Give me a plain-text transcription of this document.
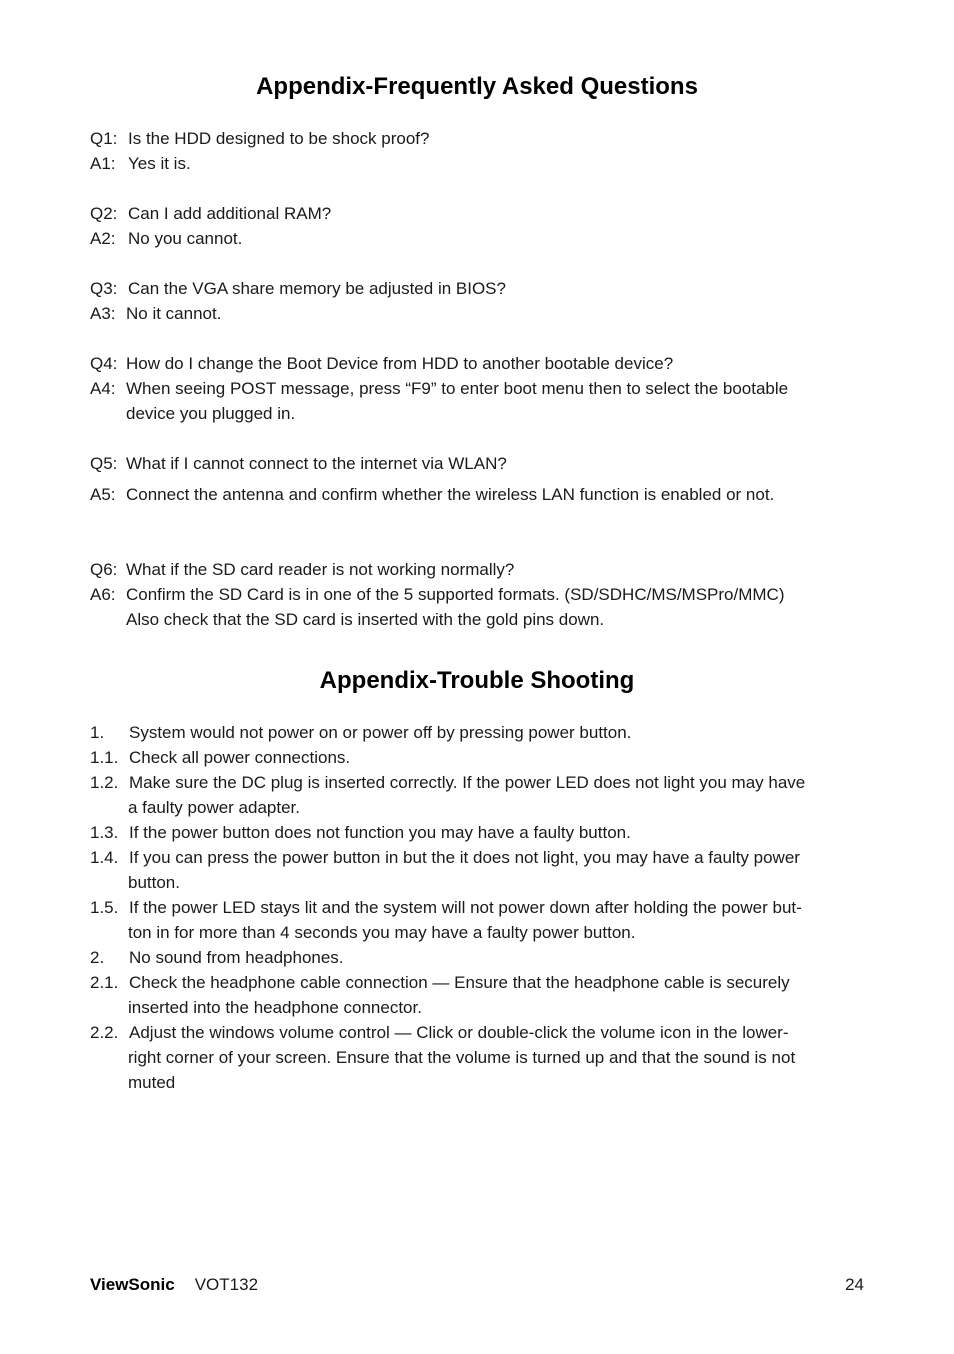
Appendix-Frequently Asked Questions
Q1: Is the HDD designed to be shock proof?
A1: Yes it is.
Q2: Can I add additional RAM?
A2: No you cannot.
Q3: Can the VGA share memory be adjusted in BIOS?
A3: No it cannot.
Q4: How do I change the Boot Device from HDD to another bootable device?
A4: When seeing POST message, press “F9” to enter boot menu then to select the bootable
device you plugged in.
Q5: What if I cannot connect to the internet via WLAN?
A5: Connect the antenna and confirm whether the wireless LAN function is enabled or not.
Q6: What if the SD card reader is not working normally?
A6: Confirm the SD Card is in one of the 5 supported formats. (SD/SDHC/MS/MSPro/MMC)
Also check that the SD card is inserted with the gold pins down.
Appendix-Trouble Shooting
1. System would not power on or power off by pressing power button.
1.1. Check all power connections.
1.2. Make sure the DC plug is inserted correctly. If the power LED does not light you may have
a faulty power adapter.
1.3. If the power button does not function you may have a faulty button.
1.4. If you can press the power button in but the it does not light, you may have a faulty power
button.
1.5. If the power LED stays lit and the system will not power down after holding the power but-
ton in for more than 4 seconds you may have a faulty power button.
2. No sound from headphones.
2.1. Check the headphone cable connection — Ensure that the headphone cable is securely
inserted into the headphone connector.
2.2. Adjust the windows volume control — Click or double-click the volume icon in the lower-
right corner of your screen. Ensure that the volume is turned up and that the sound is not
muted
ViewSonic VOT132	24
